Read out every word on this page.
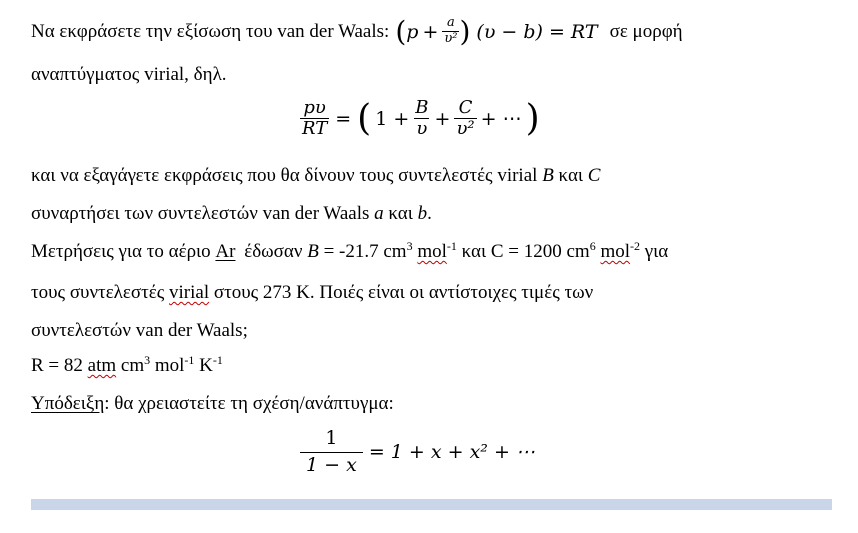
Να εκφράσετε την εξίσωση του van der Waals: ( $p + \frac{a}{\text{υ²}}$ ) (υ − b) = RT σε μορφή
αναπτύγματος virial, δηλ.
$\frac{p\upsilon}{RT}$ = ( $1 + \frac{B}{\upsilon} + \frac{C}{\text{υ²}}$ + ⋯ )
και να εξαγάγετε εκφράσεις που θα δίνουν τους συντελεστές virial B και C
συναρτήσει των συντελεστών van der Waals a και b.
Μετρήσεις για το αέριο Ar έδωσαν B = -21.7 $cm^3$ mol$^{-1}$ και C = 1200 $cm^6$ mol$^{-2}$ για
τους συντελεστές virial στους 273 K. Ποιές είναι οι αντίστοιχες τιμές των
συντελεστών van der Waals;
R = 82 atm $cm^3$ mol$^{-1}$ $K^{-1}$
Υπόδειξη: θα χρειαστείτε τη σχέση/ανάπτυγμα:
$\frac{1}{1 - x} = 1 + x + x^2$ + ⋯
